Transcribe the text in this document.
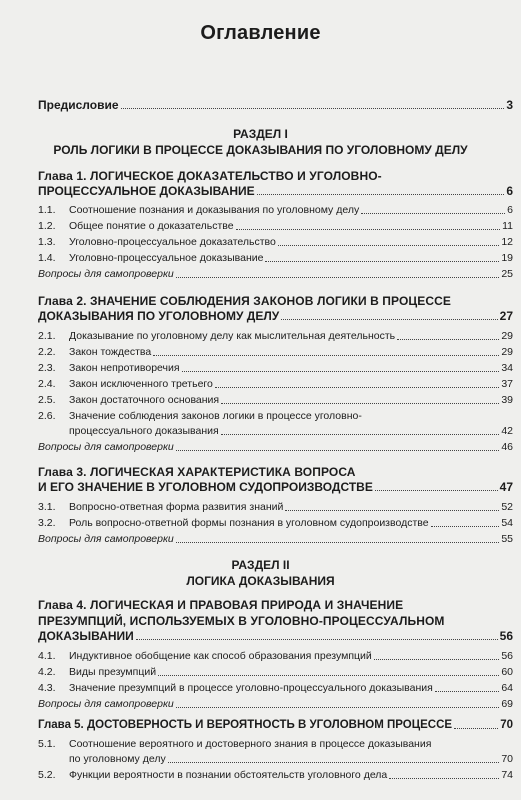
Оглавление
Предисловие	3
РАЗДЕЛ I
РОЛЬ ЛОГИКИ В ПРОЦЕССЕ ДОКАЗЫВАНИЯ ПО УГОЛОВНОМУ ДЕЛУ
Глава 1. ЛОГИЧЕСКОЕ ДОКАЗАТЕЛЬСТВО И УГОЛОВНО-
ПРОЦЕССУАЛЬНОЕ ДОКАЗЫВАНИЕ	6
1.1.	Соотношение познания и доказывания по уголовному делу	6
1.2.	Общее понятие о доказательстве	11
1.3.	Уголовно-процессуальное доказательство	12
1.4.	Уголовно-процессуальное доказывание	19
Вопросы для самопроверки	25
Глава 2. ЗНАЧЕНИЕ СОБЛЮДЕНИЯ ЗАКОНОВ ЛОГИКИ В ПРОЦЕССЕ
ДОКАЗЫВАНИЯ ПО УГОЛОВНОМУ ДЕЛУ	27
2.1.	Доказывание по уголовному делу как мыслительная деятельность	29
2.2.	Закон тождества	29
2.3.	Закон непротиворечия	34
2.4.	Закон исключенного третьего	37
2.5.	Закон достаточного основания	39
2.6.	Значение соблюдения законов логики в процессе уголовно-
процессуального доказывания	42
Вопросы для самопроверки	46
Глава 3. ЛОГИЧЕСКАЯ ХАРАКТЕРИСТИКА ВОПРОСА
И ЕГО ЗНАЧЕНИЕ В УГОЛОВНОМ СУДОПРОИЗВОДСТВЕ	47
3.1.	Вопросно-ответная форма развития знаний	52
3.2.	Роль вопросно-ответной формы познания в уголовном судопроизводстве	54
Вопросы для самопроверки	55
РАЗДЕЛ II
ЛОГИКА ДОКАЗЫВАНИЯ
Глава 4. ЛОГИЧЕСКАЯ И ПРАВОВАЯ ПРИРОДА И ЗНАЧЕНИЕ
ПРЕЗУМПЦИЙ, ИСПОЛЬЗУЕМЫХ В УГОЛОВНО-ПРОЦЕССУАЛЬНОМ
ДОКАЗЫВАНИИ	56
4.1.	Индуктивное обобщение как способ образования презумпций	56
4.2.	Виды презумпций	60
4.3.	Значение презумпций в процессе уголовно-процессуального доказывания	64
Вопросы для самопроверки	69
Глава 5. ДОСТОВЕРНОСТЬ И ВЕРОЯТНОСТЬ В УГОЛОВНОМ ПРОЦЕССЕ	70
5.1.	Соотношение вероятного и достоверного знания в процессе доказывания
по уголовному делу	70
5.2.	Функции вероятности в познании обстоятельств уголовного дела	74
